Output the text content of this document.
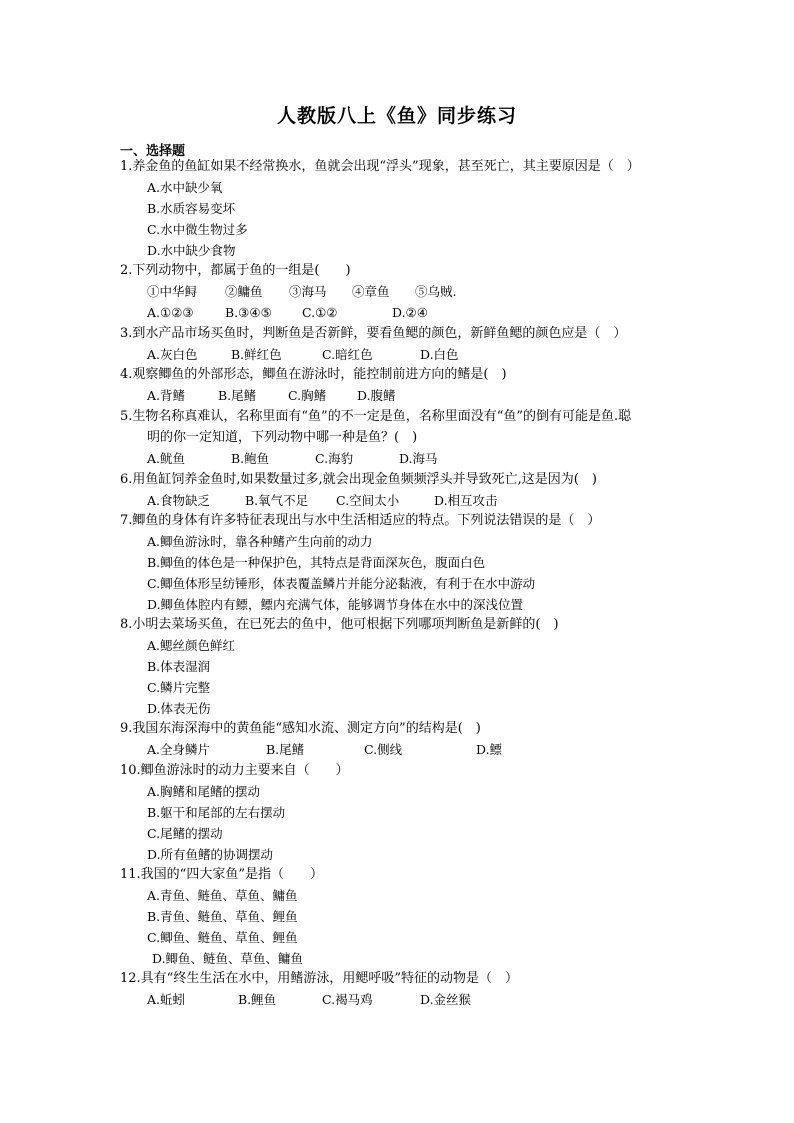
人教版八上《鱼》同步练习
一、选择题
1.养金鱼的鱼缸如果不经常换水，鱼就会出现“浮头”现象，甚至死亡，其主要原因是（　）
A.水中缺少氧
B.水质容易变坏
C.水中微生物过多
D.水中缺少食物
2.下列动物中，都属于鱼的一组是(　　)
①中华鲟 ②鳙鱼 ③海马 ④章鱼 ⑤乌贼.
A.①②③	B.③④⑤ C.①②	D.②④
3.到水产品市场买鱼时，判断鱼是否新鲜，要看鱼鳃的颜色，新鲜鱼鳃的颜色应是（　）
A.灰白色	B.鲜红色	C.暗红色	D.白色
4.观察鲫鱼的外部形态，鲫鱼在游泳时，能控制前进方向的鳍是(　)
A.背鳍	B.尾鳍	C.胸鳍 D.腹鳍
5.生物名称真难认，名称里面有“鱼”的不一定是鱼，名称里面没有“鱼”的倒有可能是鱼.聪
明的你一定知道，下列动物中哪一种是鱼？(　)
A.鱿鱼	B.鲍鱼	C.海豹	D.海马
6.用鱼缸饲养金鱼时,如果数量过多,就会出现金鱼频频浮头并导致死亡,这是因为(　)
A.食物缺乏	B.氧气不足 C.空间太小	D.相互攻击
7.鲫鱼的身体有许多特征表现出与水中生活相适应的特点。下列说法错误的是（　）
A.鲫鱼游泳时，靠各种鳍产生向前的动力
B.鲫鱼的体色是一种保护色，其特点是背面深灰色，腹面白色
C.鲫鱼体形呈纺锤形，体表覆盖鳞片并能分泌黏液，有利于在水中游动
D.鲫鱼体腔内有鳔，鳔内充满气体，能够调节身体在水中的深浅位置
8.小明去菜场买鱼，在已死去的鱼中，他可根据下列哪项判断鱼是新鲜的(　)
A.鳃丝颜色鲜红
B.体表湿润
C.鳞片完整
D.体表无伤
9.我国东海深海中的黄鱼能“感知水流、测定方向”的结构是(　)
A.全身鳞片	B.尾鳍	C.侧线	D.鳔
10.鲫鱼游泳时的动力主要来自（　　）
A.胸鳍和尾鳍的摆动
B.躯干和尾部的左右摆动
C.尾鳍的摆动
D.所有鱼鳍的协调摆动
11.我国的“四大家鱼”是指（　　）
A.青鱼、鲢鱼、草鱼、鳙鱼
B.青鱼、鲢鱼、草鱼、鲤鱼
C.鲫鱼、鲢鱼、草鱼、鲤鱼
D.鲫鱼、鲢鱼、草鱼、鳙鱼
12.具有“终生生活在水中，用鳍游泳，用鳃呼吸”特征的动物是（　）
A.蚯蚓	B.鲤鱼	C.褐马鸡	D.金丝猴
